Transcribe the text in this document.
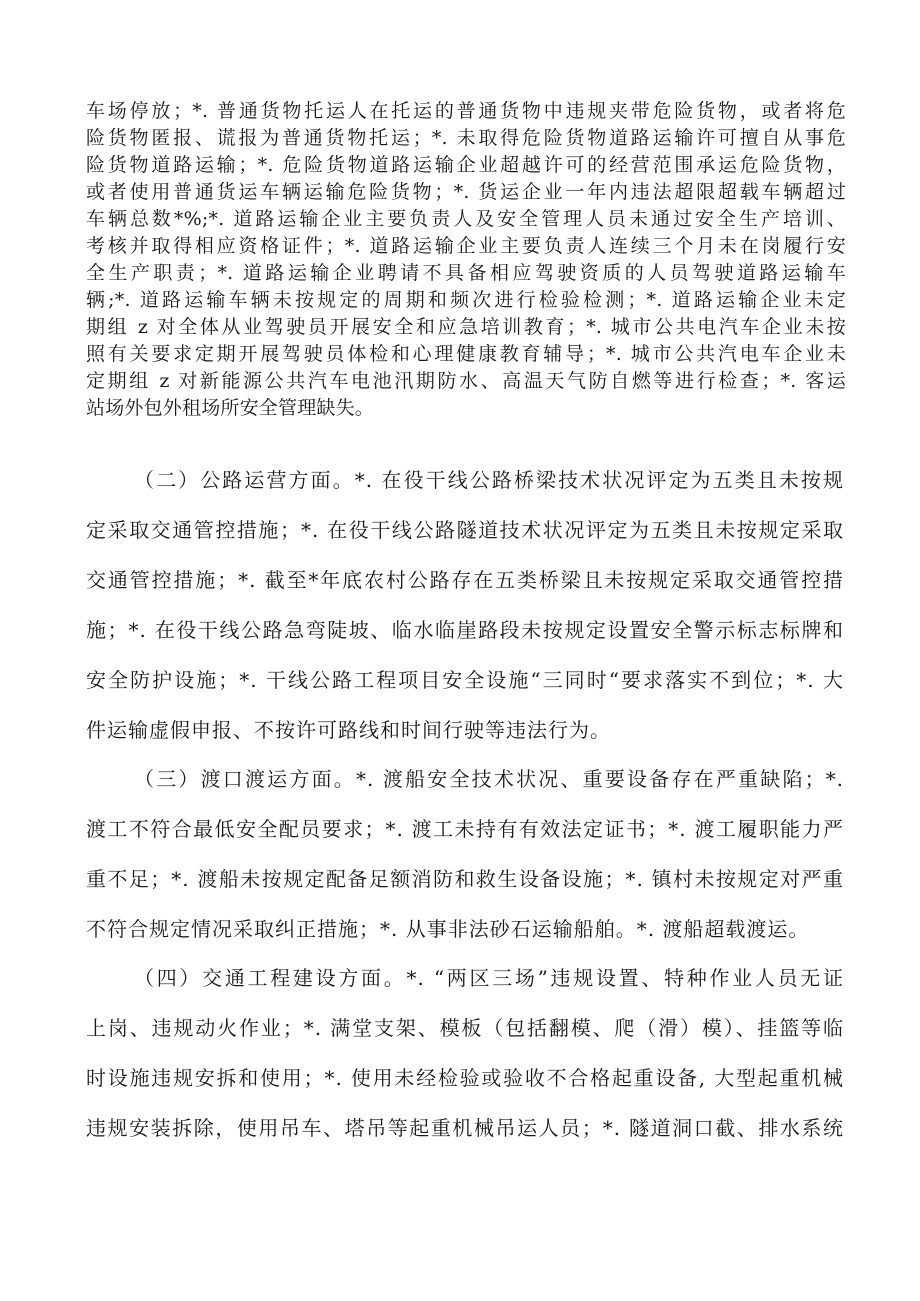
车场停放；*. 普通货物托运人在托运的普通货物中违规夹带危险货物，或者将危
险货物匿报、谎报为普通货物托运；*. 未取得危险货物道路运输许可擅自从事危
险货物道路运输；*. 危险货物道路运输企业超越许可的经营范围承运危险货物，
或者使用普通货运车辆运输危险货物；*. 货运企业一年内违法超限超载车辆超过
车辆总数*%;*. 道路运输企业主要负责人及安全管理人员未通过安全生产培训、
考核并取得相应资格证件；*. 道路运输企业主要负责人连续三个月未在岗履行安
全生产职责；*. 道路运输企业聘请不具备相应驾驶资质的人员驾驶道路运输车
辆;*. 道路运输车辆未按规定的周期和频次进行检验检测；*. 道路运输企业未定
期组 z 对全体从业驾驶员开展安全和应急培训教育；*. 城市公共电汽车企业未按
照有关要求定期开展驾驶员体检和心理健康教育辅导；*. 城市公共汽电车企业未
定期组 z 对新能源公共汽车电池汛期防水、高温天气防自燃等进行检查；*. 客运
站场外包外租场所安全管理缺失。
（二）公路运营方面。*. 在役干线公路桥梁技术状况评定为五类且未按规
定采取交通管控措施；*. 在役干线公路隧道技术状况评定为五类且未按规定采取
交通管控措施；*. 截至*年底农村公路存在五类桥梁且未按规定采取交通管控措
施；*. 在役干线公路急弯陡坡、临水临崖路段未按规定设置安全警示标志标牌和
安全防护设施；*. 干线公路工程项目安全设施“三同时“要求落实不到位；*. 大
件运输虚假申报、不按许可路线和时间行驶等违法行为。
（三）渡口渡运方面。*. 渡船安全技术状况、重要设备存在严重缺陷；*.
渡工不符合最低安全配员要求；*. 渡工未持有有效法定证书；*. 渡工履职能力严
重不足；*. 渡船未按规定配备足额消防和救生设备设施；*. 镇村未按规定对严重
不符合规定情况采取纠正措施；*. 从事非法砂石运输船舶。*. 渡船超载渡运。
（四）交通工程建设方面。*. “两区三场”违规设置、特种作业人员无证
上岗、违规动火作业；*. 满堂支架、模板（包括翻模、爬（滑）模）、挂篮等临
时设施违规安拆和使用；*. 使用未经检验或验收不合格起重设备, 大型起重机械
违规安装拆除，使用吊车、塔吊等起重机械吊运人员；*. 隧道洞口截、排水系统
